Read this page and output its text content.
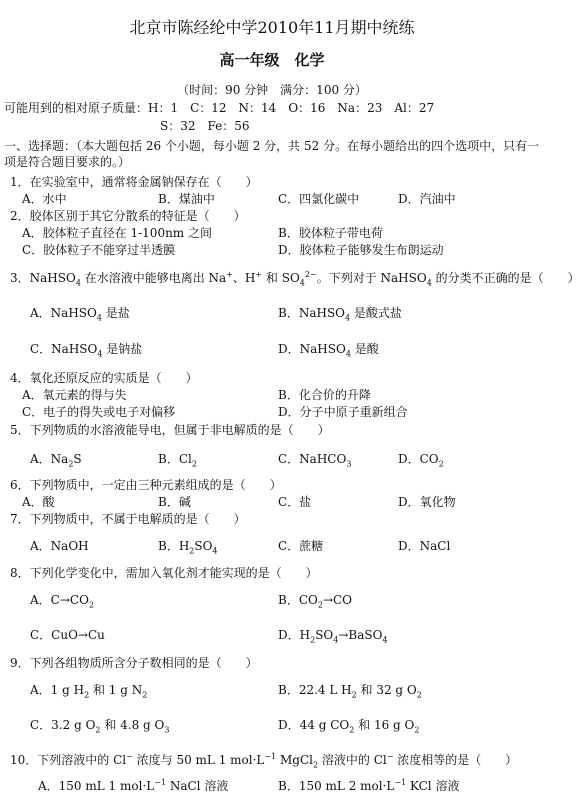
北京市陈经纶中学2010年11月期中统练
高一年级　化学
（时间：90 分钟　满分：100 分）
可能用到的相对原子质量：H：1　C：12　N：14　O：16　Na：23　Al：27
S：32　Fe：56
一、选择题：（本大题包括 26 个小题，每小题 2 分，共 52 分。在每小题给出的四个选项中，只有一
项是符合题目要求的。）
1．在实验室中，通常将金属钠保存在（　　）
A．水中	B．煤油中	C．四氯化碳中	D．汽油中
2．胶体区别于其它分散系的特征是（　　）
A．胶体粒子直径在 1-100nm 之间	B．胶体粒子带电荷
C．胶体粒子不能穿过半透膜	D．胶体粒子能够发生布朗运动
3．NaHSO$_4$ 在水溶液中能够电离出 Na+、H+ 和 $SO_4^{2-}$。下列对于 NaHSO$_4$ 的分类不正确的是（　　）
A．NaHSO$_4$ 是盐	B．NaHSO$_4$ 是酸式盐
C．NaHSO$_4$ 是钠盐	D．NaHSO$_4$ 是酸
4．氧化还原反应的实质是（　　）
A．氧元素的得与失	B．化合价的升降
C．电子的得失或电子对偏移	D．分子中原子重新组合
5．下列物质的水溶液能导电，但属于非电解质的是（　　）
A．$Na_2S$	B．$Cl_2$	C．NaHCO$_3$	D．$CO_2$
6．下列物质中，一定由三种元素组成的是（　　）
A．酸	B．碱	C．盐	D．氧化物
7．下列物质中，不属于电解质的是（　　）
A．NaOH	B．$H_2SO_4$	C．蔗糖	D．NaCl
8．下列化学变化中，需加入氧化剂才能实现的是（　　）
A．$C\to CO_2$	B．$CO_2\to CO$
C．CuO→Cu	D．$H_2SO_4\to BaSO_4$
9．下列各组物质所含分子数相同的是（　　）
A．1 g $H_2$ 和 1 g $N_2$	B．22.4 L $H_2$ 和 32 g $O_2$
C．3.2 g $O_2$ 和 4.8 g $O_3$	D．44 g $CO_2$ 和 16 g $O_2$
10．下列溶液中的 Cl− 浓度与 50 mL 1 $mol\cdot L^{-1}$ MgCl$_2$ 溶液中的 Cl− 浓度相等的是（　　）
A．150 mL 1 $mol\cdot L^{-1}$ NaCl 溶液	B．150 mL 2 $mol\cdot L^{-1}$ KCl 溶液
